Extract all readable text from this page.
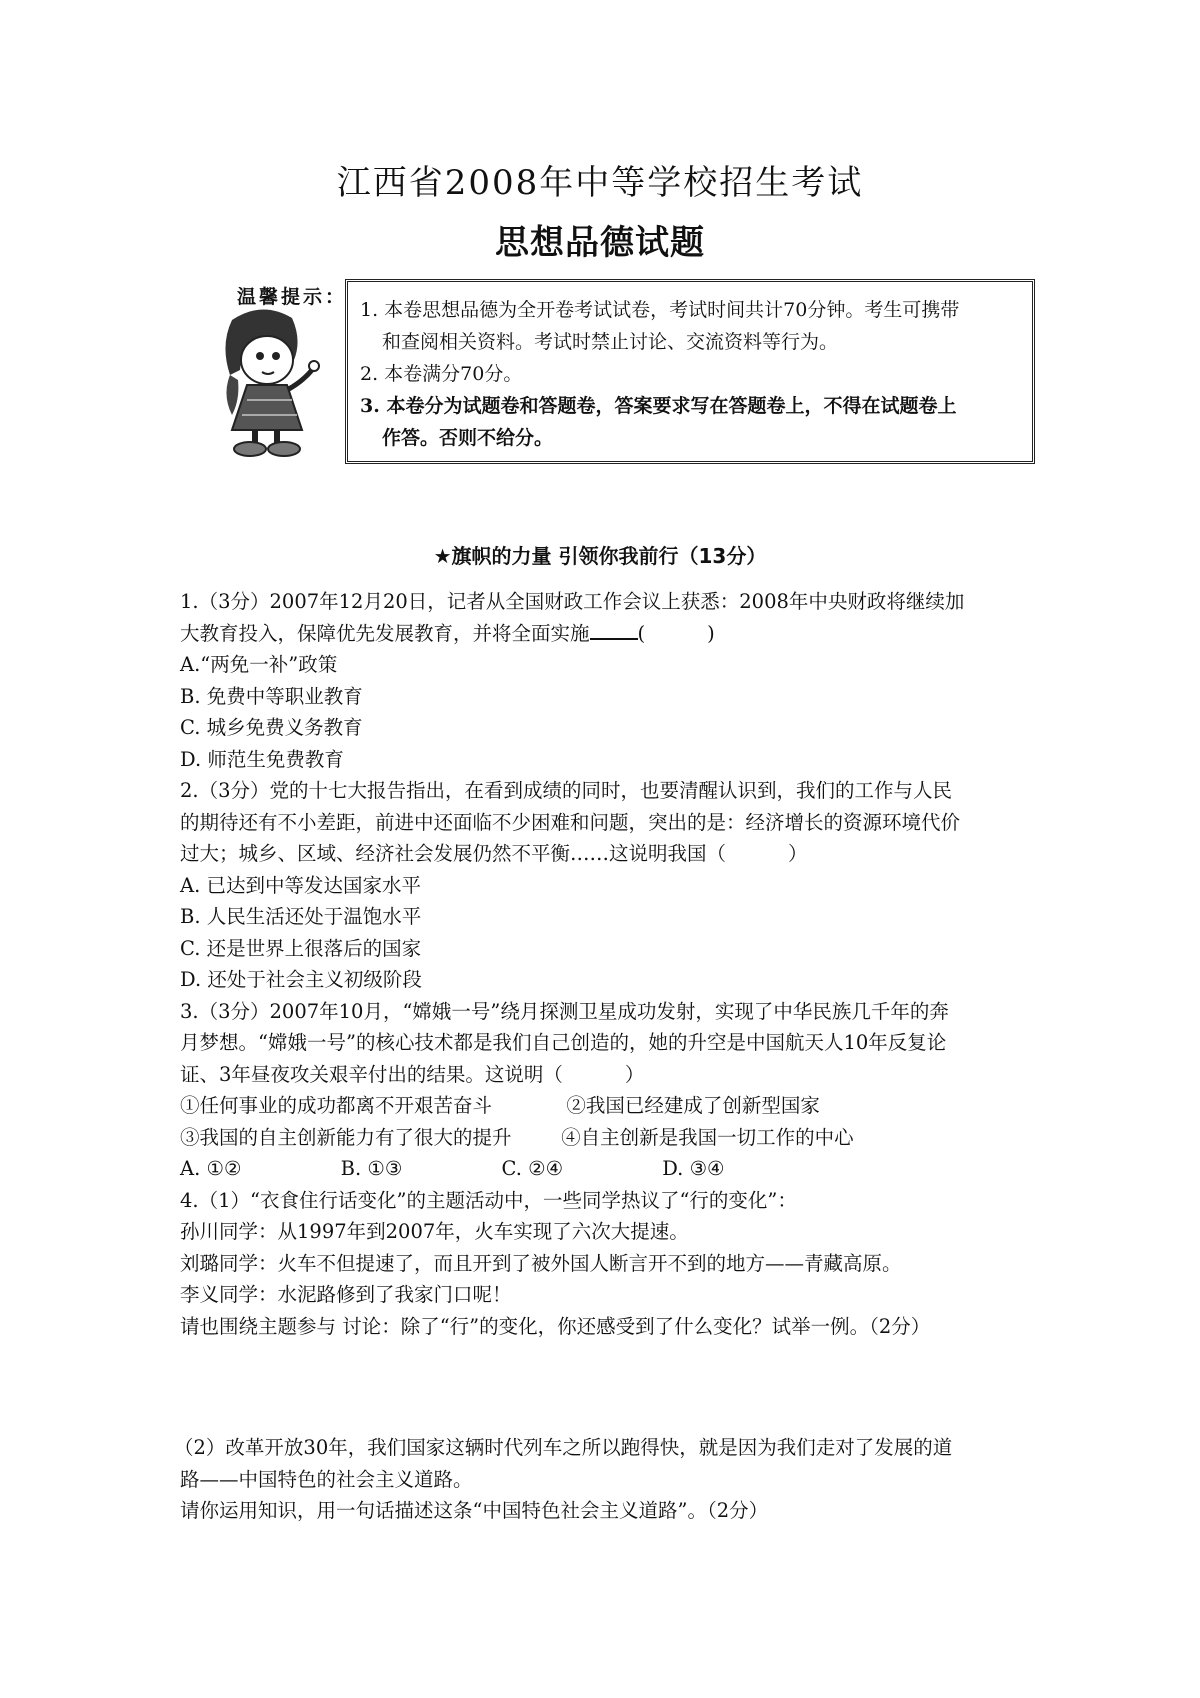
江西省2008年中等学校招生考试
思想品德试题
温馨提示：

1. 本卷思想品德为全开卷考试试卷，考试时间共计70分钟。考生可携带

和查阅相关资料。考试时禁止讨论、交流资料等行为。

2. 本卷满分70分。

3. 本卷分为试题卷和答题卷，答案要求写在答题卷上，不得在试题卷上

作答。否则不给分。

★旗帜的力量 引领你我前行（13分）

1.（3分）2007年12月20日，记者从全国财政工作会议上获悉：2008年中央财政将继续加

大教育投入，保障优先发展教育，并将全面实施 (          )

A.“两免一补”政策

B. 免费中等职业教育

C. 城乡免费义务教育

D. 师范生免费教育

2.（3分）党的十七大报告指出，在看到成绩的同时，也要清醒认识到，我们的工作与人民

的期待还有不小差距，前进中还面临不少困难和问题，突出的是：经济增长的资源环境代价

过大；城乡、区域、经济社会发展仍然不平衡……这说明我国（          ）

A. 已达到中等发达国家水平

B. 人民生活还处于温饱水平

C. 还是世界上很落后的国家

D. 还处于社会主义初级阶段

3.（3分）2007年10月，“嫦娥一号”绕月探测卫星成功发射，实现了中华民族几千年的奔

月梦想。“嫦娥一号”的核心技术都是我们自己创造的，她的升空是中国航天人10年反复论

证、3年昼夜攻关艰辛付出的结果。这说明（          ）

①任何事业的成功都离不开艰苦奋斗            ②我国已经建成了创新型国家

③我国的自主创新能力有了很大的提升        ④自主创新是我国一切工作的中心

A. ①②                B. ①③                C. ②④                D. ③④

4.（1）“衣食住行话变化”的主题活动中，一些同学热议了“行的变化”：

孙川同学：从1997年到2007年，火车实现了六次大提速。

刘璐同学：火车不但提速了，而且开到了被外国人断言开不到的地方——青藏高原。

李义同学：水泥路修到了我家门口呢！

请也围绕主题参与 讨论：除了“行”的变化，你还感受到了什么变化？试举一例。（2分）

（2）改革开放30年，我们国家这辆时代列车之所以跑得快，就是因为我们走对了发展的道

路——中国特色的社会主义道路。

请你运用知识，用一句话描述这条“中国特色社会主义道路”。（2分）
